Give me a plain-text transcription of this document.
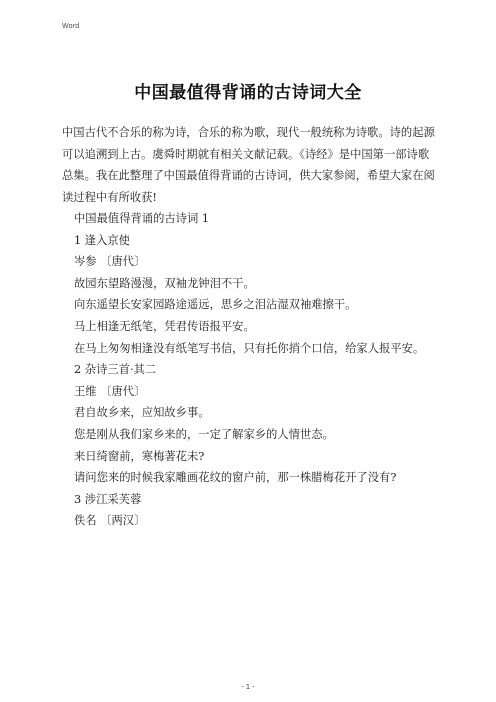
Word
中国最值得背诵的古诗词大全
中国古代不合乐的称为诗，合乐的称为歌，现代一般统称为诗歌。诗的起源可以追溯到上古。虞舜时期就有相关文献记载。《诗经》是中国第一部诗歌总集。我在此整理了中国最值得背诵的古诗词，供大家参阅，希望大家在阅读过程中有所收获!

中国最值得背诵的古诗词 1

1 逢入京使

岑参 〔唐代〕

故园东望路漫漫，双袖龙钟泪不干。

向东遥望长安家园路途遥远，思乡之泪沾湿双袖难擦干。

马上相逢无纸笔，凭君传语报平安。

在马上匆匆相逢没有纸笔写书信，只有托你捎个口信，给家人报平安。

2 杂诗三首·其二

王维 〔唐代〕

君自故乡来，应知故乡事。

您是刚从我们家乡来的，一定了解家乡的人情世态。

来日绮窗前，寒梅著花未?

请问您来的时候我家雕画花纹的窗户前，那一株腊梅花开了没有?

3 涉江采芙蓉

佚名 〔两汉〕

- 1 -
